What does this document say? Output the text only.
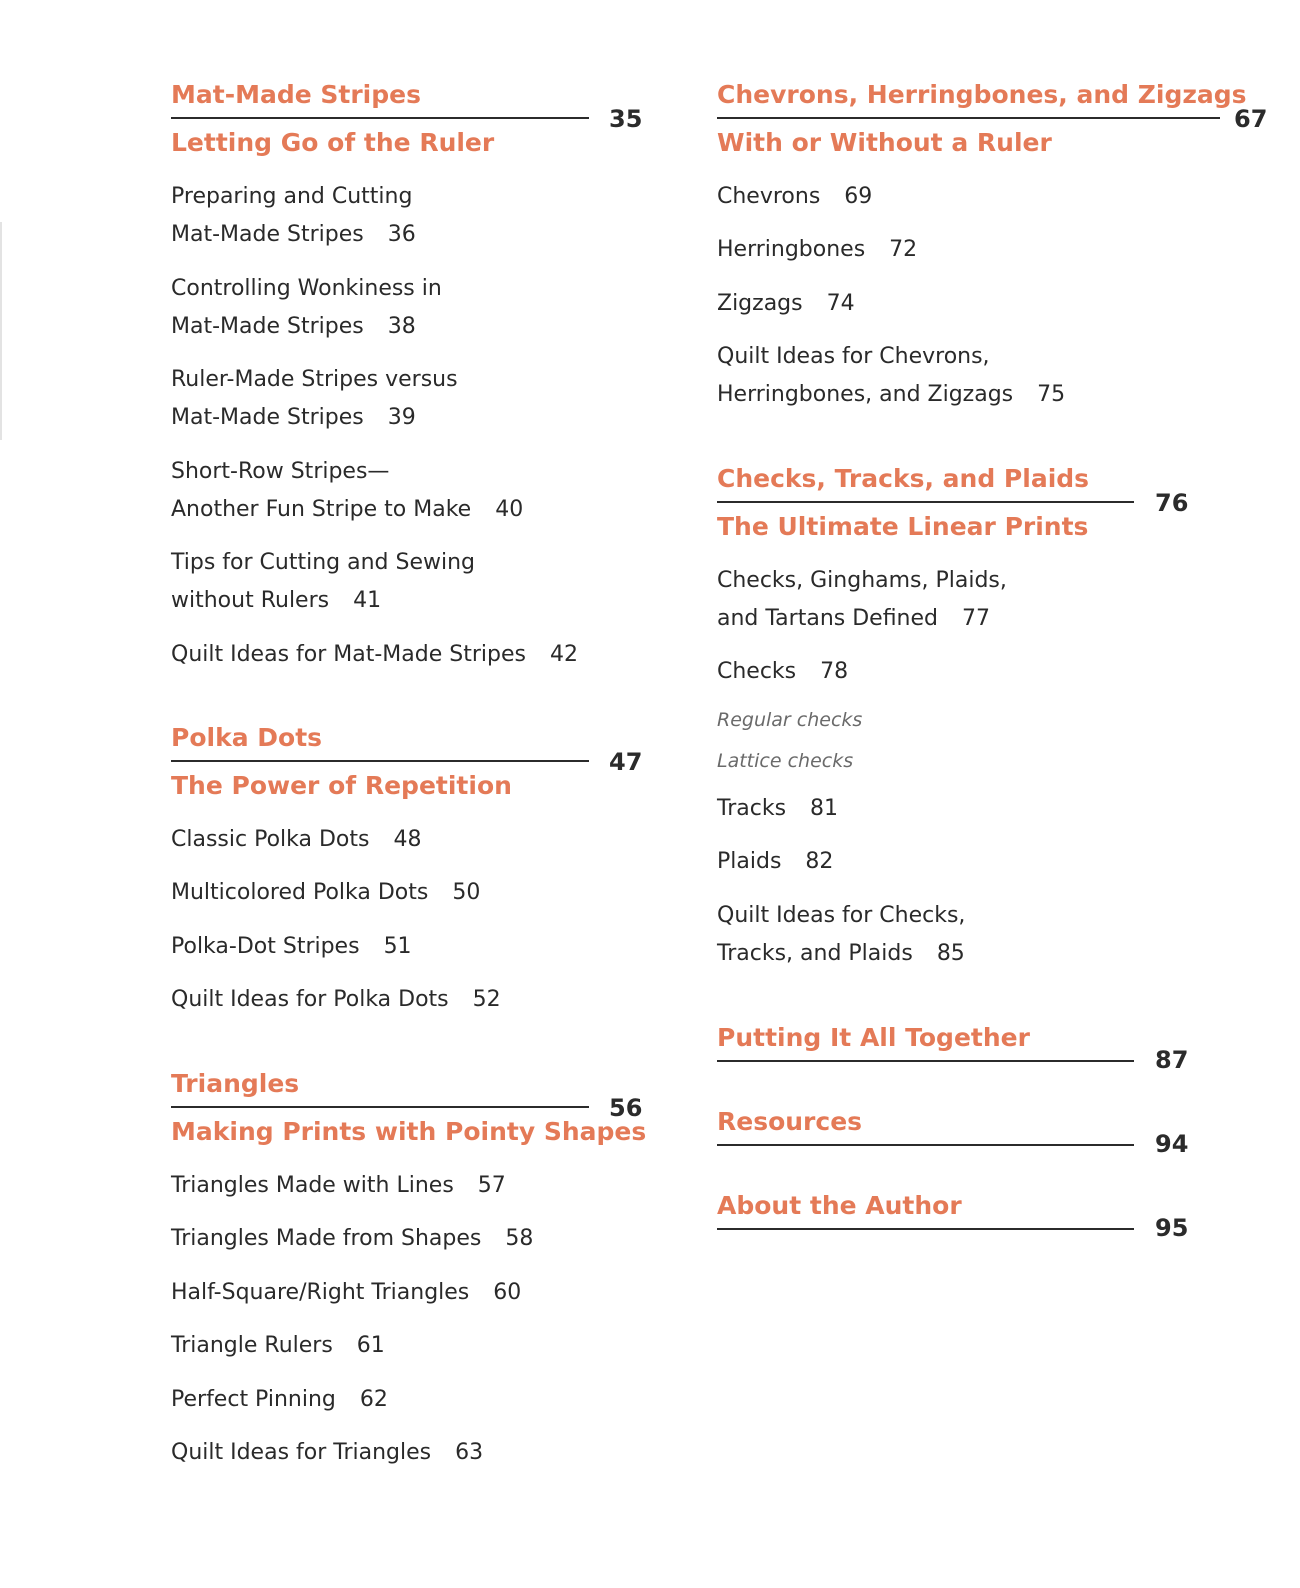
Mat-Made Stripes
35
Letting Go of the Ruler
Preparing and Cutting
Mat-Made Stripes 36
Controlling Wonkiness in
Mat-Made Stripes 38
Ruler-Made Stripes versus
Mat-Made Stripes 39
Short-Row Stripes—
Another Fun Stripe to Make 40
Tips for Cutting and Sewing
without Rulers 41
Quilt Ideas for Mat-Made Stripes 42
Polka Dots
47
The Power of Repetition
Classic Polka Dots 48
Multicolored Polka Dots 50
Polka-Dot Stripes 51
Quilt Ideas for Polka Dots 52
Triangles
56
Making Prints with Pointy Shapes
Triangles Made with Lines 57
Triangles Made from Shapes 58
Half-Square/Right Triangles 60
Triangle Rulers 61
Perfect Pinning 62
Quilt Ideas for Triangles 63
Chevrons, Herringbones, and Zigzags
67
With or Without a Ruler
Chevrons 69
Herringbones 72
Zigzags 74
Quilt Ideas for Chevrons,
Herringbones, and Zigzags 75
Checks, Tracks, and Plaids
76
The Ultimate Linear Prints
Checks, Ginghams, Plaids,
and Tartans Defined 77
Checks 78
Regular checks
Lattice checks
Tracks 81
Plaids 82
Quilt Ideas for Checks,
Tracks, and Plaids 85
Putting It All Together
87
Resources
94
About the Author
95
